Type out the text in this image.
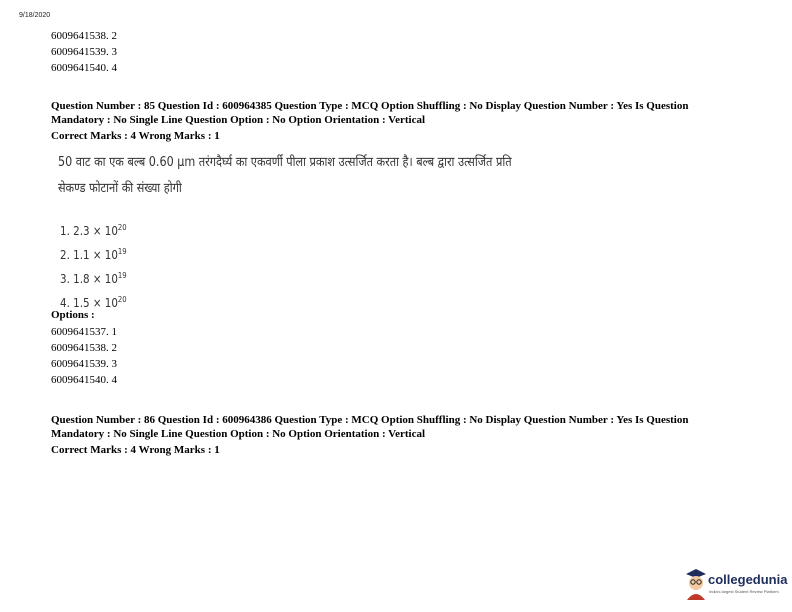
9/18/2020
6009641538. 2
6009641539. 3
6009641540. 4
Question Number : 85 Question Id : 600964385 Question Type : MCQ Option Shuffling : No Display Question Number : Yes Is Question
Mandatory : No Single Line Question Option : No Option Orientation : Vertical
Correct Marks : 4 Wrong Marks : 1
50 वाट का एक बल्ब 0.60 μm तरंगदैर्घ्य का एकवर्णी पीला प्रकाश उत्सर्जित करता है। बल्ब द्वारा उत्सर्जित प्रति
सेकण्ड फोटानों की संख्या होगी
1. $2.3 \times 10^{20}$
2. $1.1 \times 10^{19}$
3. $1.8 \times 10^{19}$
4. $1.5 \times 10^{20}$
Options :
6009641537. 1
6009641538. 2
6009641539. 3
6009641540. 4
Question Number : 86 Question Id : 600964386 Question Type : MCQ Option Shuffling : No Display Question Number : Yes Is Question
Mandatory : No Single Line Question Option : No Option Orientation : Vertical
Correct Marks : 4 Wrong Marks : 1
collegedunia
India's largest Student Review Platform
